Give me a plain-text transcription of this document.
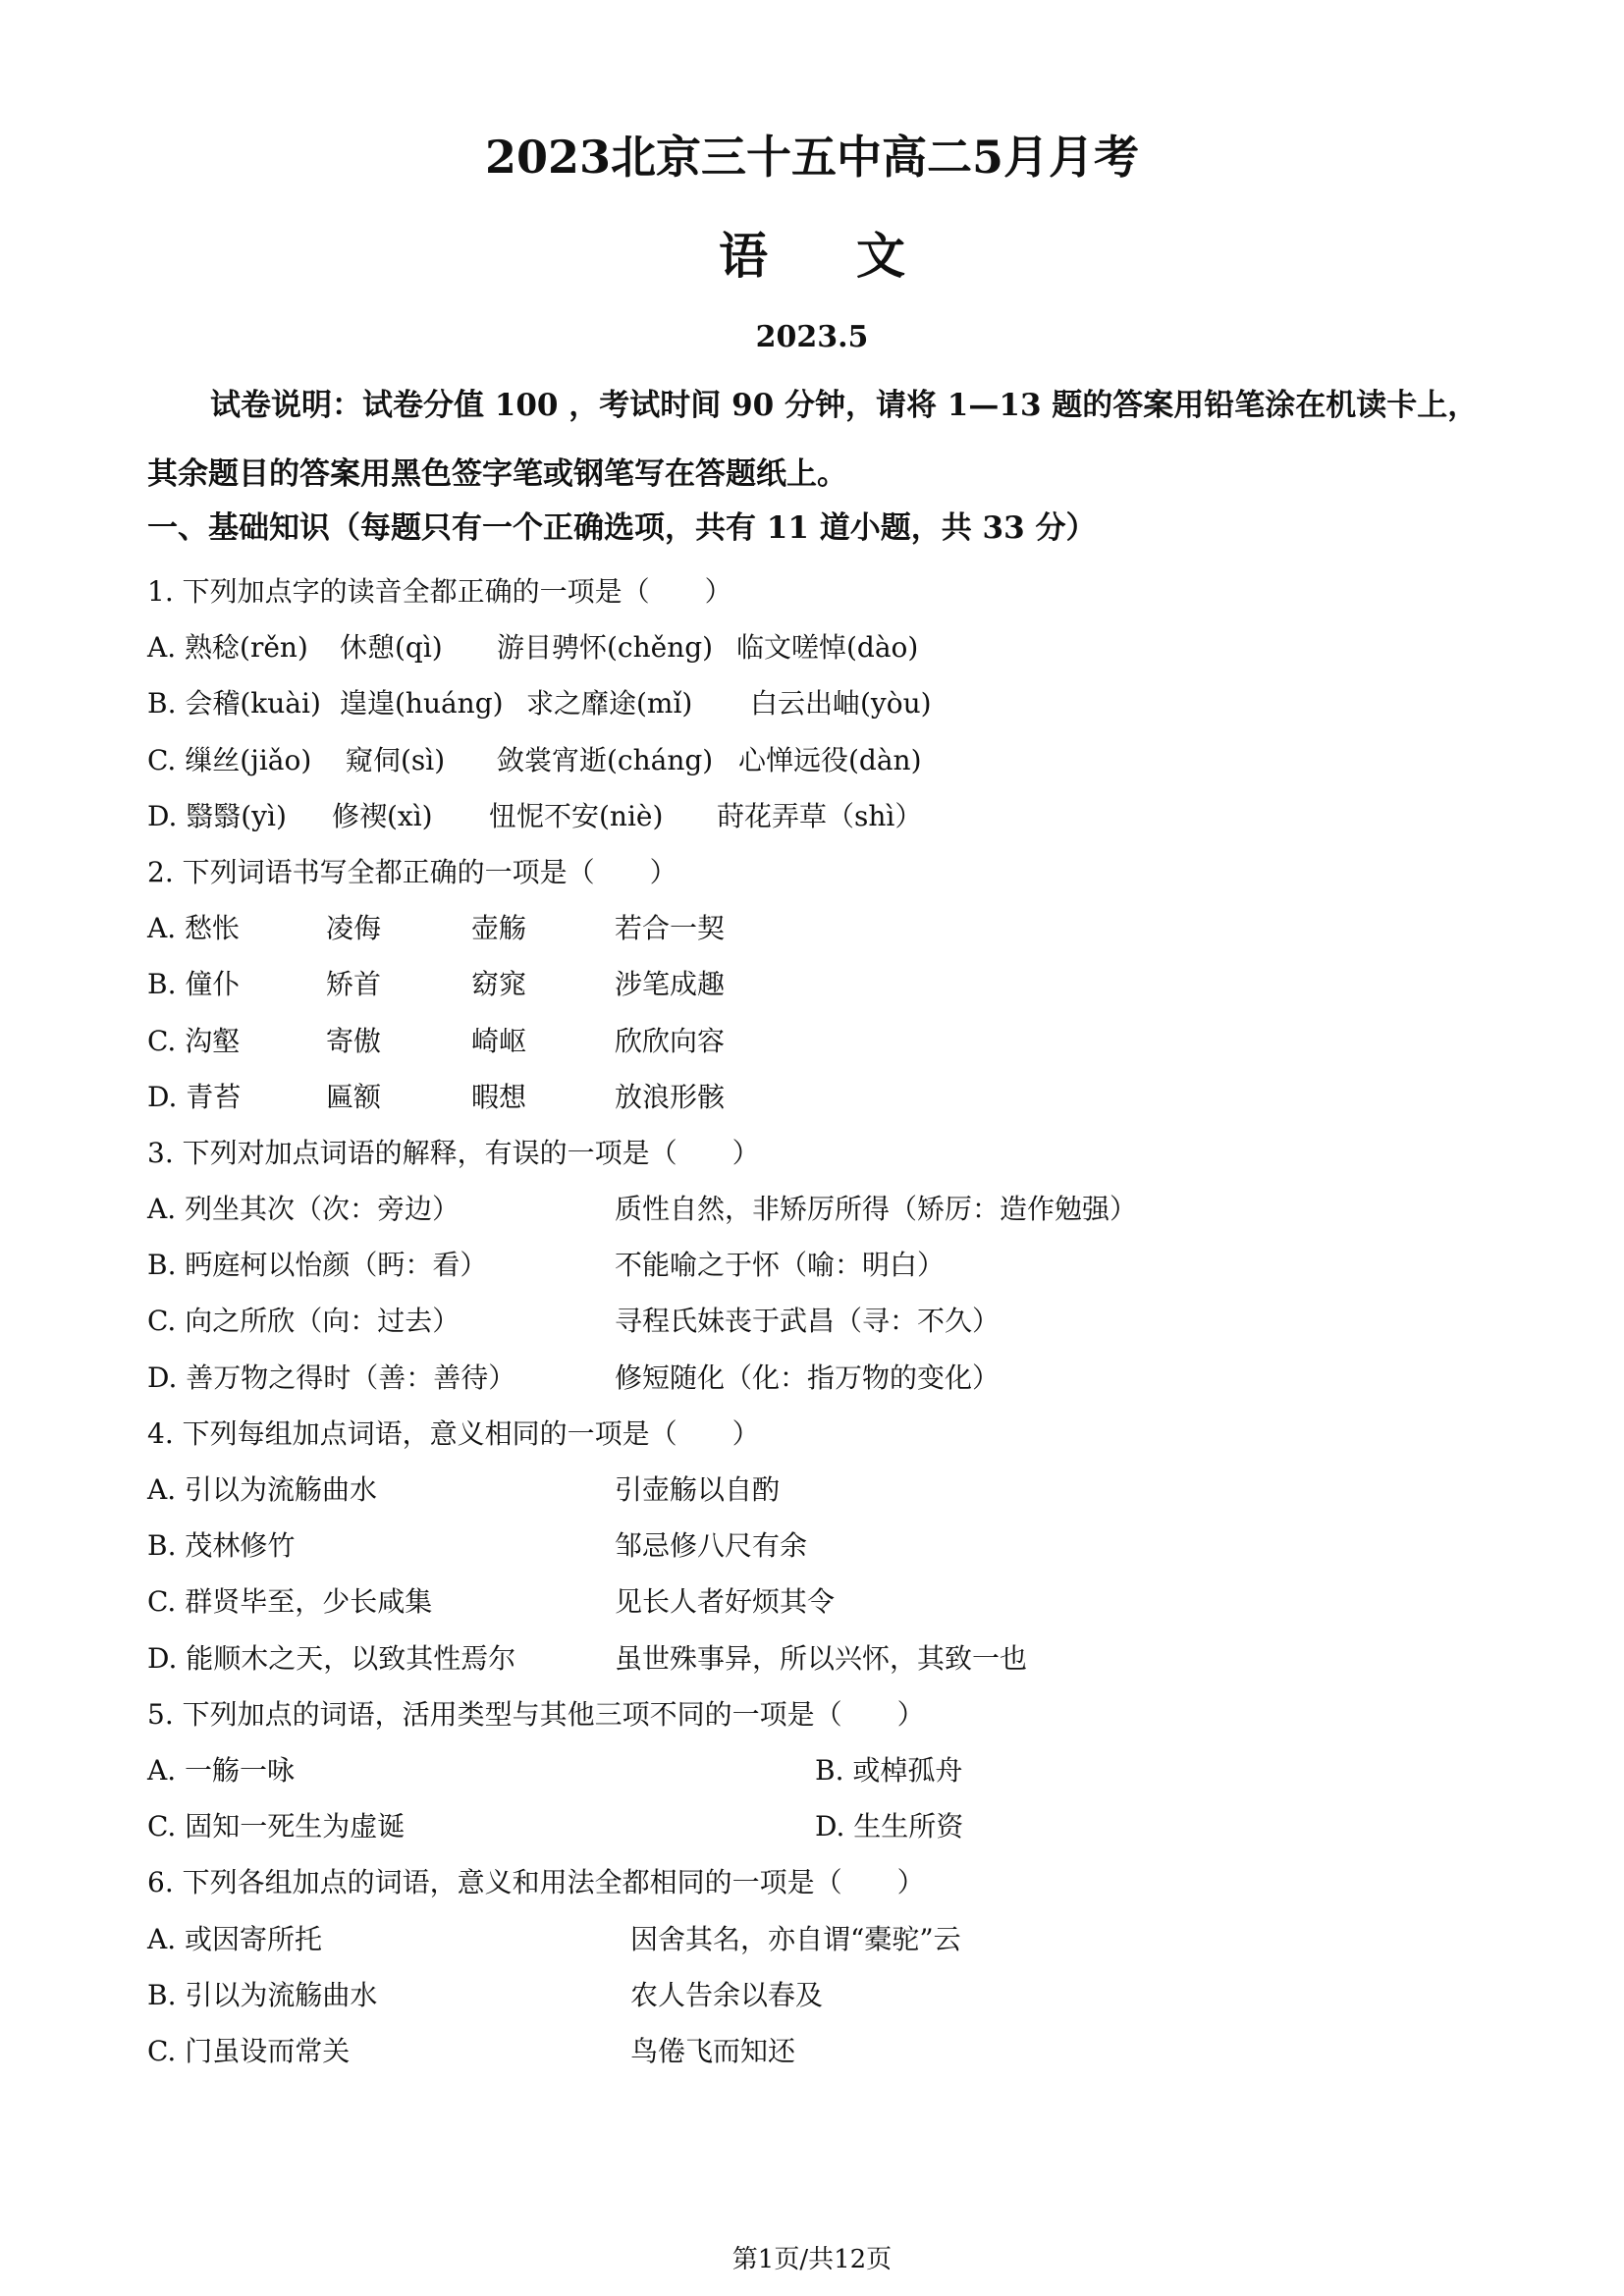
2023北京三十五中高二5月月考
语文
2023.5
试卷说明：试卷分值 100 ，考试时间 90 分钟，请将 1—13 题的答案用铅笔涂在机读卡上，其余题目的答案用黑色签字笔或钢笔写在答题纸上。
一、基础知识（每题只有一个正确选项，共有 11 道小题，共 33 分）
1. 下列加点字的读音全都正确的一项是（　　）
A. 熟稔(rěn) 休憩(qì) 游目骋怀(chěng) 临文嗟悼(dào)
B. 会稽(kuài) 遑遑(huáng) 求之靡途(mǐ) 白云出岫(yòu)
C. 缫丝(jiǎo) 窥伺(sì) 敛裳宵逝(cháng) 心惮远役(dàn)
D. 翳翳(yì) 修禊(xì) 忸怩不安(niè) 莳花弄草（shì）
2. 下列词语书写全都正确的一项是（　　）
A. 愁怅	凌侮	壶觞	若合一契
B. 僮仆	矫首	窈窕	涉笔成趣
C. 沟壑	寄傲	崎岖	欣欣向容
D. 青苔	匾额	暇想	放浪形骸
3. 下列对加点词语的解释，有误的一项是（　　）
A. 列坐其次（次：旁边）	质性自然，非矫厉所得（矫厉：造作勉强）
B. 眄庭柯以怡颜（眄：看）	不能喻之于怀（喻：明白）
C. 向之所欣（向：过去）	寻程氏妹丧于武昌（寻：不久）
D. 善万物之得时（善：善待）	修短随化（化：指万物的变化）
4. 下列每组加点词语，意义相同的一项是（　　）
A. 引以为流觞曲水	引壶觞以自酌
B. 茂林修竹	邹忌修八尺有余
C. 群贤毕至，少长咸集	见长人者好烦其令
D. 能顺木之天，以致其性焉尔	虽世殊事异，所以兴怀，其致一也
5. 下列加点的词语，活用类型与其他三项不同的一项是（　　）
A. 一觞一咏	B. 或棹孤舟
C. 固知一死生为虚诞	D. 生生所资
6. 下列各组加点的词语，意义和用法全都相同的一项是（　　）
A. 或因寄所托	因舍其名，亦自谓“橐驼”云
B. 引以为流觞曲水	农人告余以春及
C. 门虽设而常关	鸟倦飞而知还
第1页/共12页
